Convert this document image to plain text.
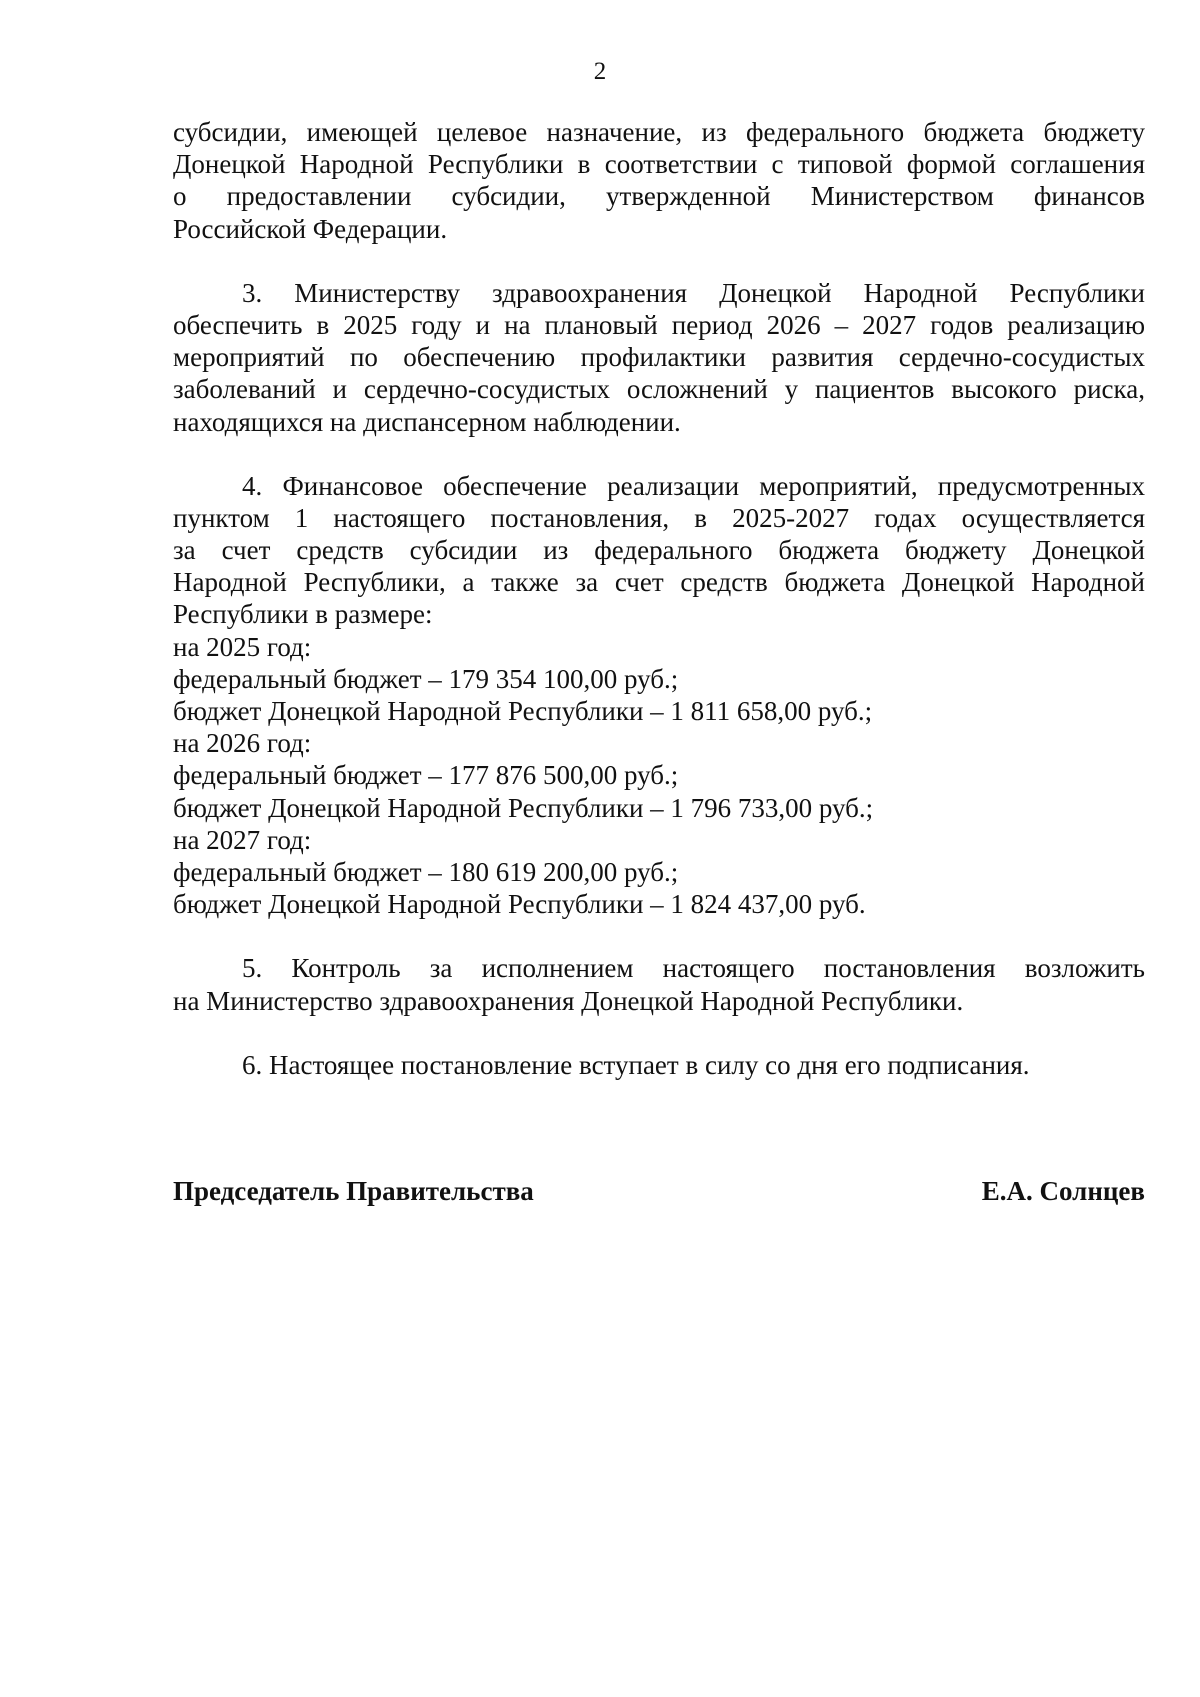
2
субсидии, имеющей целевое назначение, из федерального бюджета бюджету
Донецкой Народной Республики в соответствии с типовой формой соглашения
о предоставлении субсидии, утвержденной Министерством финансов
Российской Федерации.
3. Министерству здравоохранения Донецкой Народной Республики
обеспечить в 2025 году и на плановый период 2026 – 2027 годов реализацию
мероприятий по обеспечению профилактики развития сердечно-сосудистых
заболеваний и сердечно-сосудистых осложнений у пациентов высокого риска,
находящихся на диспансерном наблюдении.
4. Финансовое обеспечение реализации мероприятий, предусмотренных
пунктом 1 настоящего постановления, в 2025-2027 годах осуществляется
за счет средств субсидии из федерального бюджета бюджету Донецкой
Народной Республики, а также за счет средств бюджета Донецкой Народной
Республики в размере:
на 2025 год:
федеральный бюджет – 179 354 100,00 руб.;
бюджет Донецкой Народной Республики – 1 811 658,00 руб.;
на 2026 год:
федеральный бюджет – 177 876 500,00 руб.;
бюджет Донецкой Народной Республики – 1 796 733,00 руб.;
на 2027 год:
федеральный бюджет – 180 619 200,00 руб.;
бюджет Донецкой Народной Республики – 1 824 437,00 руб.
5. Контроль за исполнением настоящего постановления возложить
на Министерство здравоохранения Донецкой Народной Республики.
6. Настоящее постановление вступает в силу со дня его подписания.
Председатель Правительства	Е.А. Солнцев
